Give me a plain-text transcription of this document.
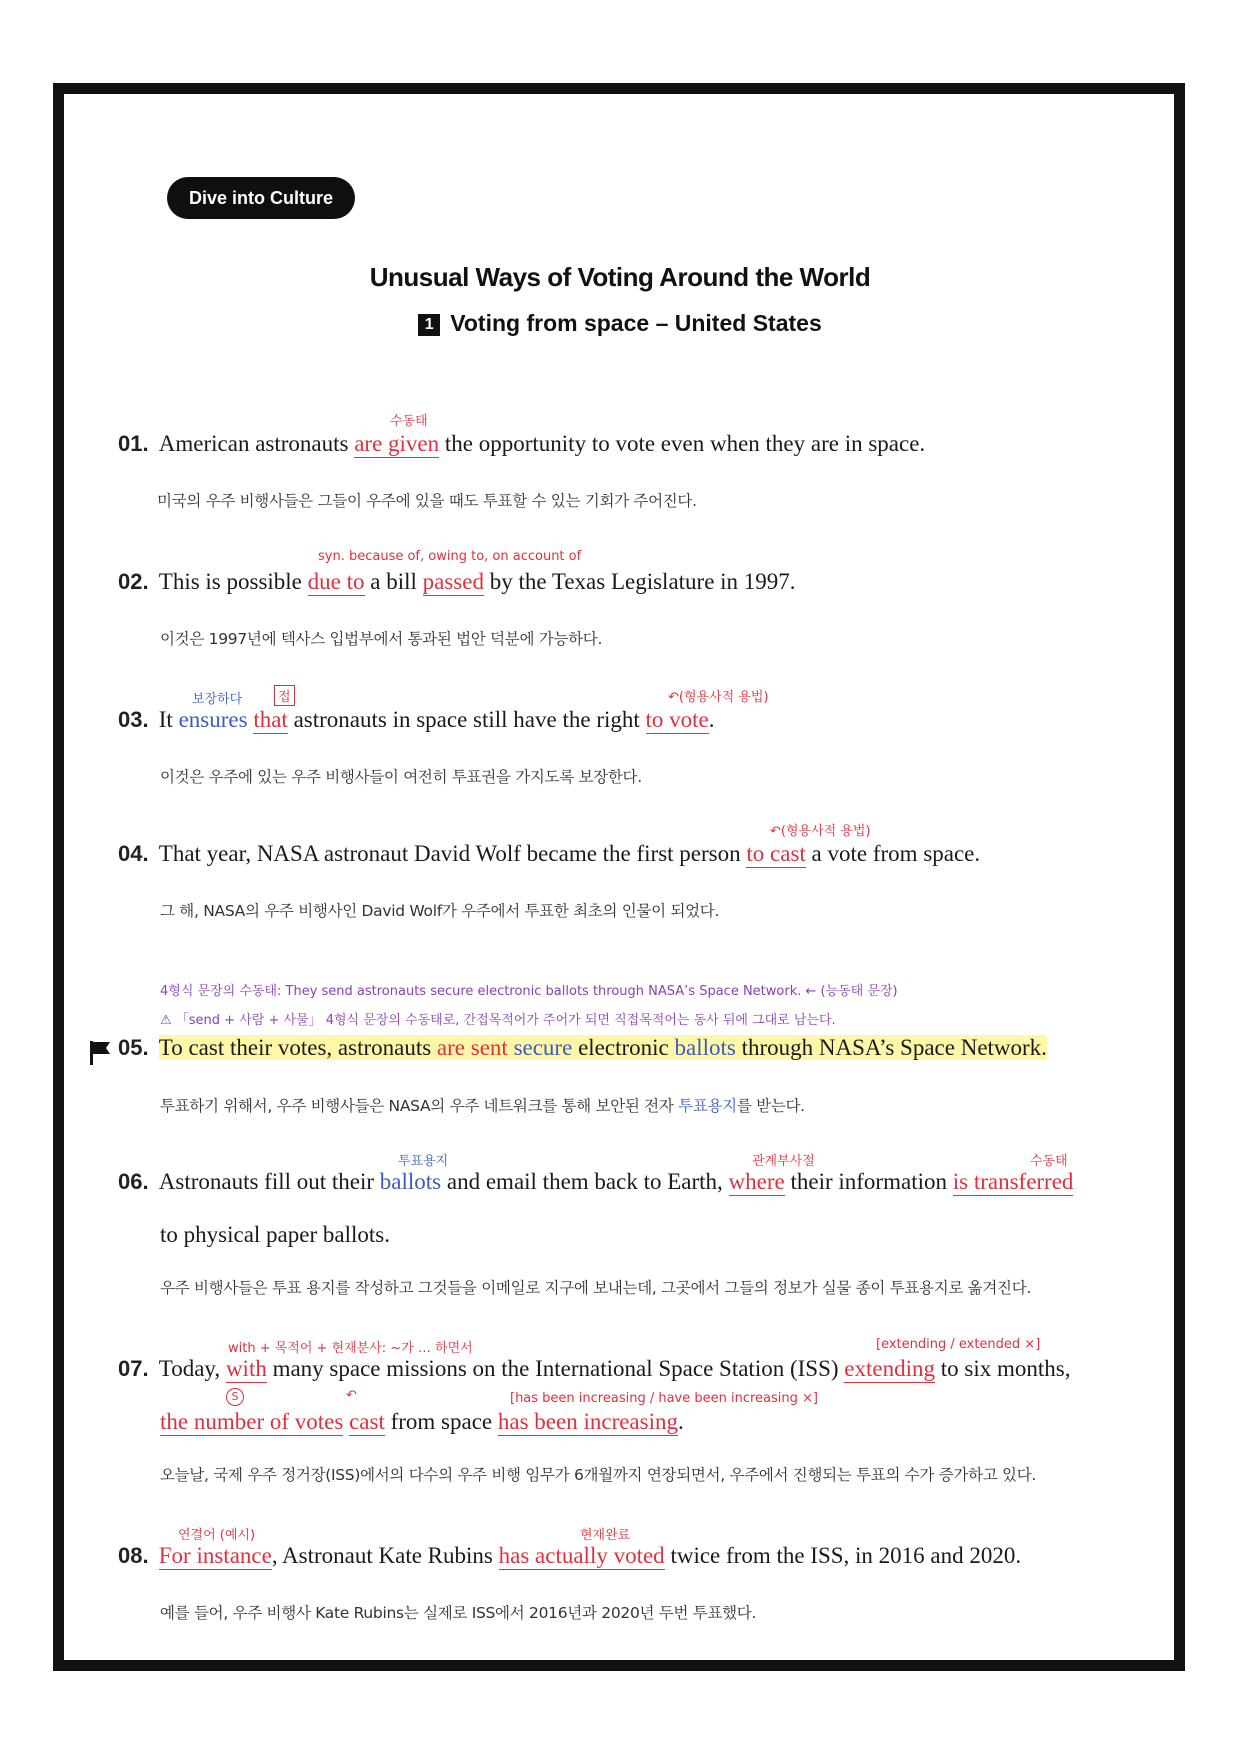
Dive into Culture
Unusual Ways of Voting Around the World
1 Voting from space – United States
수동태
01. American astronauts are given the opportunity to vote even when they are in space.
미국의 우주 비행사들은 그들이 우주에 있을 때도 투표할 수 있는 기회가 주어진다.
syn. because of, owing to, on account of
02. This is possible due to a bill passed by the Texas Legislature in 1997.
이것은 1997년에 텍사스 입법부에서 통과된 법안 덕분에 가능하다.
보장하다	접	↶(형용사적 용법)
03. It ensures that astronauts in space still have the right to vote.
이것은 우주에 있는 우주 비행사들이 여전히 투표권을 가지도록 보장한다.
↶(형용사적 용법)
04. That year, NASA astronaut David Wolf became the first person to cast a vote from space.
그 해, NASA의 우주 비행사인 David Wolf가 우주에서 투표한 최초의 인물이 되었다.
4형식 문장의 수동태: They send astronauts secure electronic ballots through NASA’s Space Network. ← (능동태 문장)
⚠ 「send + 사람 + 사물」 4형식 문장의 수동태로, 간접목적어가 주어가 되면 직접목적어는 동사 뒤에 그대로 남는다.
05. To cast their votes, astronauts are sent secure electronic ballots through NASA’s Space Network.
투표하기 위해서, 우주 비행사들은 NASA의 우주 네트워크를 통해 보안된 전자 투표용지를 받는다.
투표용지	관계부사절	수동태
06. Astronauts fill out their ballots and email them back to Earth, where their information is transferred
to physical paper ballots.
우주 비행사들은 투표 용지를 작성하고 그것들을 이메일로 지구에 보내는데, 그곳에서 그들의 정보가 실물 종이 투표용지로 옮겨진다.
with + 목적어 + 현재분사: ~가 … 하면서	[extending / extended ×]
07. Today, with many space missions on the International Space Station (ISS) extending to six months,
S	↶	[has been increasing / have been increasing ×]
the number of votes cast from space has been increasing.
오늘날, 국제 우주 정거장(ISS)에서의 다수의 우주 비행 임무가 6개월까지 연장되면서, 우주에서 진행되는 투표의 수가 증가하고 있다.
연결어 (예시)	현재완료
08. For instance, Astronaut Kate Rubins has actually voted twice from the ISS, in 2016 and 2020.
예를 들어, 우주 비행사 Kate Rubins는 실제로 ISS에서 2016년과 2020년 두번 투표했다.
